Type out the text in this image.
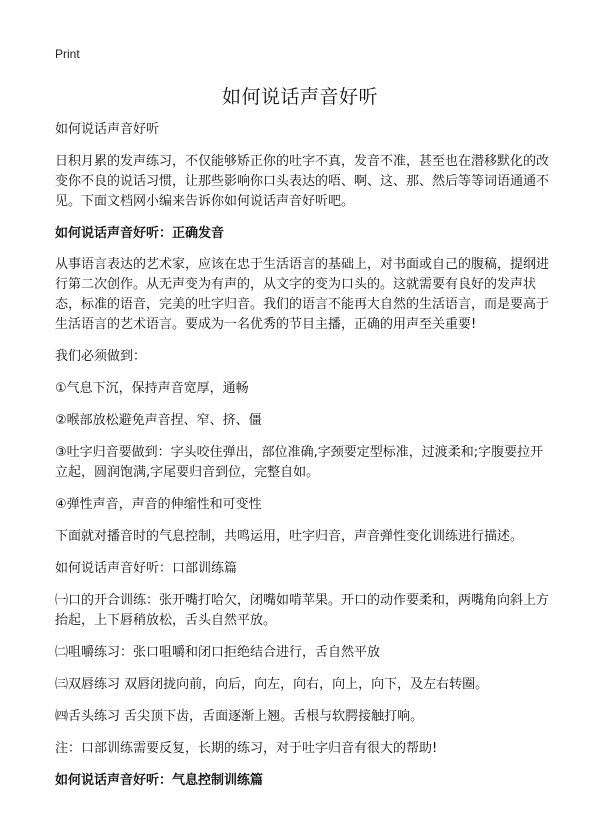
Print
如何说话声音好听
如何说话声音好听
日积月累的发声练习，不仅能够矫正你的吐字不真，发音不准，甚至也在潜移默化的改变你不良的说话习惯，让那些影响你口头表达的唔、啊、这、那、然后等等词语通通不见。下面文档网小编来告诉你如何说话声音好听吧。
如何说话声音好听：正确发音
从事语言表达的艺术家，应该在忠于生活语言的基础上，对书面或自己的腹稿，提纲进行第二次创作。从无声变为有声的，从文字的变为口头的。这就需要有良好的发声状态，标准的语音，完美的吐字归音。我们的语言不能再大自然的生活语言，而是要高于生活语言的艺术语言。要成为一名优秀的节目主播，正确的用声至关重要!
我们必须做到：
①气息下沉，保持声音宽厚，通畅
②喉部放松避免声音捏、窄、挤、僵
③吐字归音要做到：字头咬住弹出，部位准确,字颈要定型标准，过渡柔和;字腹要拉开立起，圆润饱满,字尾要归音到位，完整自如。
④弹性声音，声音的伸缩性和可变性
下面就对播音时的气息控制，共鸣运用，吐字归音，声音弹性变化训练进行描述。
如何说话声音好听：口部训练篇
㈠口的开合训练：张开嘴打哈欠，闭嘴如啃苹果。开口的动作要柔和，两嘴角向斜上方抬起，上下唇稍放松，舌头自然平放。
㈡咀嚼练习：张口咀嚼和闭口拒绝结合进行，舌自然平放
㈢双唇练习 双唇闭拢向前，向后，向左，向右，向上，向下，及左右转圈。
㈣舌头练习 舌尖顶下齿，舌面逐渐上翘。舌根与软腭接触打响。
注：口部训练需要反复，长期的练习，对于吐字归音有很大的帮助!
如何说话声音好听：气息控制训练篇
